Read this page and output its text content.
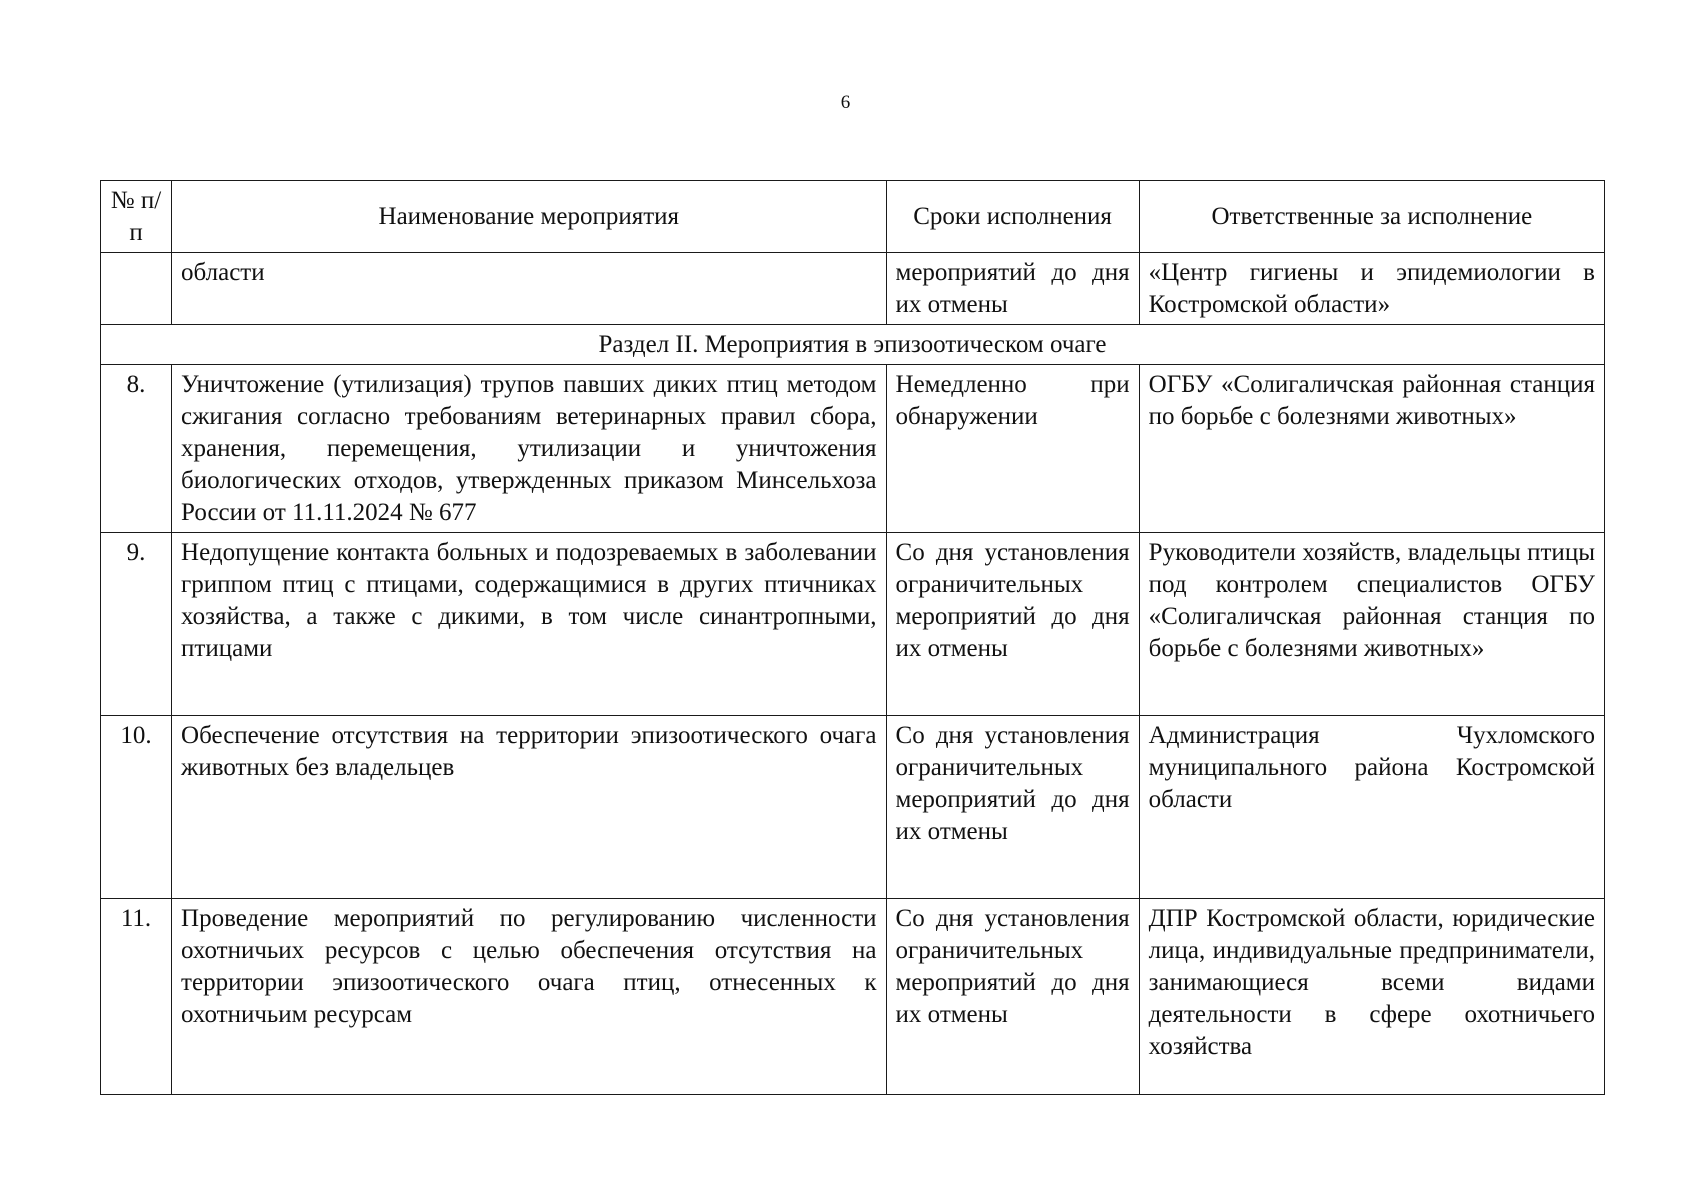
6
№ п/п	Наименование мероприятия	Сроки исполнения	Ответственные за исполнение
	области	мероприятий до дня их отмены	«Центр гигиены и эпидемиологии в Костромской области»
Раздел II. Мероприятия в эпизоотическом очаге			
8.	Уничтожение (утилизация) трупов павших диких птиц методом сжигания согласно требованиям ветеринарных правил сбора, хранения, перемещения, утилизации и уничтожения биологических отходов, утвержденных приказом Минсельхоза России от 11.11.2024 № 677	Немедленно при обнаружении	ОГБУ «Солигаличская районная станция по борьбе с болезнями животных»
9.	Недопущение контакта больных и подозреваемых в заболевании гриппом птиц с птицами, содержащимися в других птичниках хозяйства, а также с дикими, в том числе синантропными, птицами	Со дня установления ограничительных мероприятий до дня их отмены	Руководители хозяйств, владельцы птицы под контролем специалистов ОГБУ «Солигаличская районная станция по борьбе с болезнями животных»
10.	Обеспечение отсутствия на территории эпизоотического очага животных без владельцев	Со дня установления ограничительных мероприятий до дня их отмены	Администрация Чухломского муниципального района Костромской области
11.	Проведение мероприятий по регулированию численности охотничьих ресурсов с целью обеспечения отсутствия на территории эпизоотического очага птиц, отнесенных к охотничьим ресурсам	Со дня установления ограничительных мероприятий до дня их отмены	ДПР Костромской области, юридические лица, индивидуальные предприниматели, занимающиеся всеми видами деятельности в сфере охотничьего хозяйства
